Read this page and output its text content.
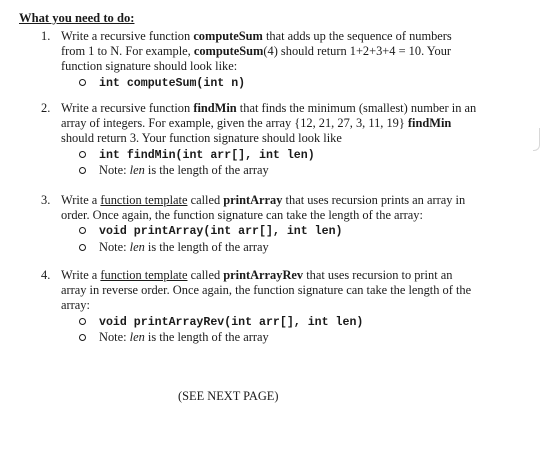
What you need to do:
1. Write a recursive function computeSum that adds up the sequence of numbers

from 1 to N. For example, computeSum(4) should return 1+2+3+4 = 10. Your

function signature should look like:

int computeSum(int n)
2. Write a recursive function findMin that finds the minimum (smallest) number in an

array of integers. For example, given the array {12, 21, 27, 3, 11, 19} findMin

should return 3. Your function signature should look like

int findMin(int arr[], int len)
Note: len is the length of the array
3. Write a function template called printArray that uses recursion prints an array in

order. Once again, the function signature can take the length of the array:

void printArray(int arr[], int len)
Note: len is the length of the array
4. Write a function template called printArrayRev that uses recursion to print an

array in reverse order. Once again, the function signature can take the length of the

array:

void printArrayRev(int arr[], int len)
Note: len is the length of the array
(SEE NEXT PAGE)
